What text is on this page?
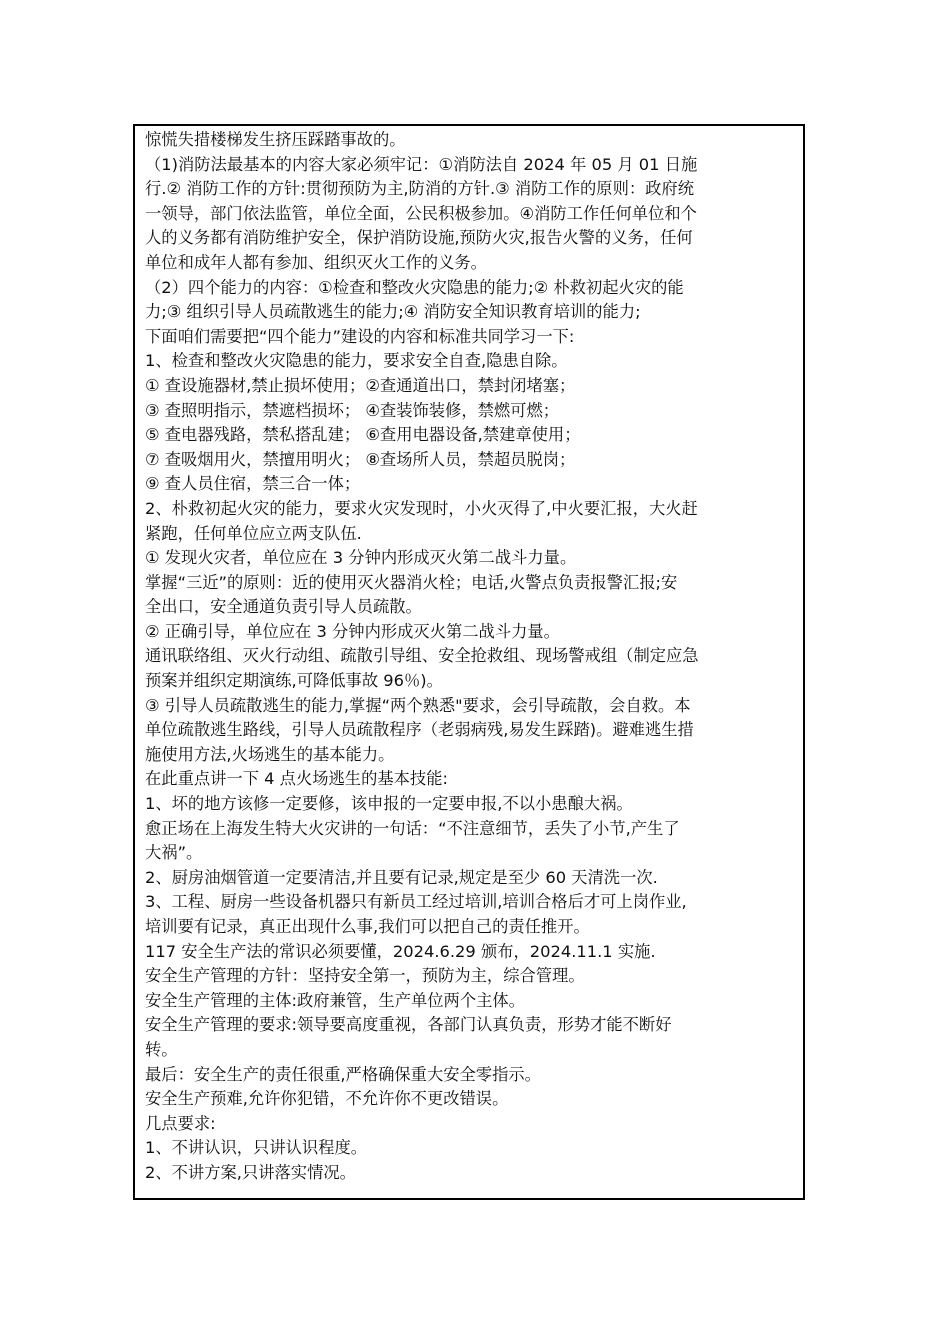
惊慌失措楼梯发生挤压踩踏事故的。
（1)消防法最基本的内容大家必须牢记：①消防法自 2024 年 05 月 01 日施
行.② 消防工作的方针:贯彻预防为主,防消的方针.③ 消防工作的原则：政府统
一领导，部门依法监管，单位全面，公民积极参加。④消防工作任何单位和个
人的义务都有消防维护安全，保护消防设施,预防火灾,报告火警的义务，任何
单位和成年人都有参加、组织灭火工作的义务。
（2）四个能力的内容：①检查和整改火灾隐患的能力;② 朴救初起火灾的能
力;③ 组织引导人员疏散逃生的能力;④ 消防安全知识教育培训的能力;
下面咱们需要把“四个能力”建设的内容和标准共同学习一下:
1、检查和整改火灾隐患的能力，要求安全自查,隐患自除。
① 查设施器材,禁止损坏使用；②查通道出口，禁封闭堵塞；
③ 查照明指示，禁遮档损坏； ④查装饰装修，禁燃可燃；
⑤ 查电器残路，禁私搭乱建； ⑥查用电器设备,禁建章使用；
⑦ 查吸烟用火，禁擅用明火； ⑧查场所人员，禁超员脱岗；
⑨ 查人员住宿，禁三合一体；
2、朴救初起火灾的能力，要求火灾发现时，小火灭得了,中火要汇报，大火赶
紧跑，任何单位应立两支队伍.
① 发现火灾者，单位应在 3 分钟内形成灭火第二战斗力量。
掌握“三近”的原则：近的使用灭火器消火栓；电话,火警点负责报警汇报;安
全出口，安全通道负责引导人员疏散。
② 正确引导，单位应在 3 分钟内形成灭火第二战斗力量。
通讯联络组、灭火行动组、疏散引导组、安全抢救组、现场警戒组（制定应急
预案并组织定期演练,可降低事故 96％)。
③ 引导人员疏散逃生的能力,掌握“两个熟悉"要求，会引导疏散，会自救。本
单位疏散逃生路线，引导人员疏散程序（老弱病残,易发生踩踏)。避难逃生措
施使用方法,火场逃生的基本能力。
在此重点讲一下 4 点火场逃生的基本技能:
1、坏的地方该修一定要修，该申报的一定要申报,不以小患酿大祸。
愈正场在上海发生特大火灾讲的一句话：“不注意细节，丢失了小节,产生了
大祸”。
2、厨房油烟管道一定要清洁,并且要有记录,规定是至少 60 天清洗一次.
3、工程、厨房一些设备机器只有新员工经过培训,培训合格后才可上岗作业,
培训要有记录，真正出现什么事,我们可以把自己的责任推开。
117 安全生产法的常识必须要懂，2024.6.29 颁布，2024.11.1 实施.
安全生产管理的方针：坚持安全第一，预防为主，综合管理。
安全生产管理的主体:政府兼管，生产单位两个主体。
安全生产管理的要求:领导要高度重视，各部门认真负责，形势才能不断好
转。
最后：安全生产的责任很重,严格确保重大安全零指示。
安全生产预难,允许你犯错，不允许你不更改错误。
几点要求:
1、不讲认识，只讲认识程度。
2、不讲方案,只讲落实情况。
